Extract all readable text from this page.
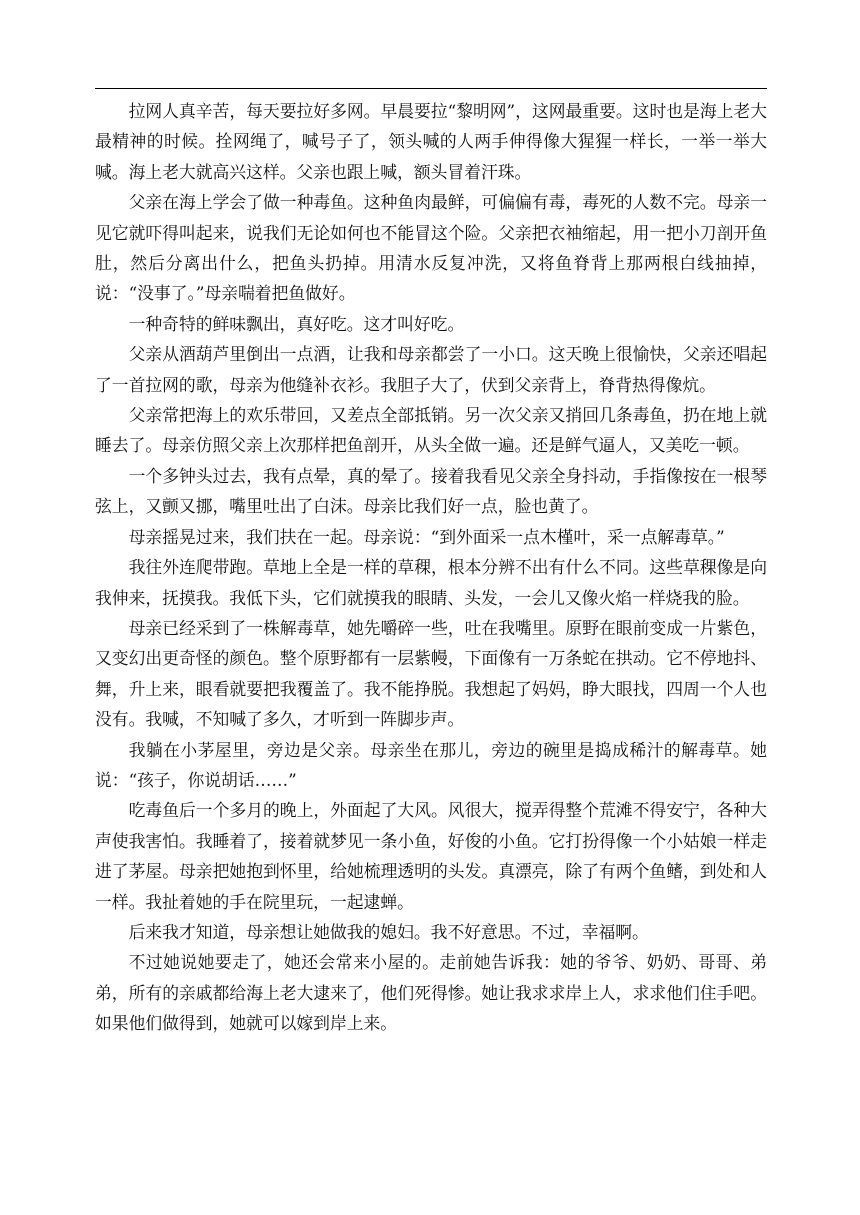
拉网人真辛苦，每天要拉好多网。早晨要拉“黎明网”，这网最重要。这时也是海上老大最精神的时候。拴网绳了，喊号子了，领头喊的人两手伸得像大猩猩一样长，一举一举大喊。海上老大就高兴这样。父亲也跟上喊，额头冒着汗珠。

父亲在海上学会了做一种毒鱼。这种鱼肉最鲜，可偏偏有毒，毒死的人数不完。母亲一见它就吓得叫起来，说我们无论如何也不能冒这个险。父亲把衣袖缩起，用一把小刀剖开鱼肚，然后分离出什么，把鱼头扔掉。用清水反复冲洗，又将鱼脊背上那两根白线抽掉，说：“没事了。”母亲喘着把鱼做好。

一种奇特的鲜味飘出，真好吃。这才叫好吃。

父亲从酒葫芦里倒出一点酒，让我和母亲都尝了一小口。这天晚上很愉快，父亲还唱起了一首拉网的歌，母亲为他缝补衣衫。我胆子大了，伏到父亲背上，脊背热得像炕。

父亲常把海上的欢乐带回，又差点全部抵销。另一次父亲又捎回几条毒鱼，扔在地上就睡去了。母亲仿照父亲上次那样把鱼剖开，从头全做一遍。还是鲜气逼人，又美吃一顿。

一个多钟头过去，我有点晕，真的晕了。接着我看见父亲全身抖动，手指像按在一根琴弦上，又颤又挪，嘴里吐出了白沫。母亲比我们好一点，脸也黄了。

母亲摇晃过来，我们扶在一起。母亲说：“到外面采一点木槿叶，采一点解毒草。”

我往外连爬带跑。草地上全是一样的草稞，根本分辨不出有什么不同。这些草稞像是向我伸来，抚摸我。我低下头，它们就摸我的眼睛、头发，一会儿又像火焰一样烧我的脸。

母亲已经采到了一株解毒草，她先嚼碎一些，吐在我嘴里。原野在眼前变成一片紫色，又变幻出更奇怪的颜色。整个原野都有一层紫幔，下面像有一万条蛇在拱动。它不停地抖、舞，升上来，眼看就要把我覆盖了。我不能挣脱。我想起了妈妈，睁大眼找，四周一个人也没有。我喊，不知喊了多久，才听到一阵脚步声。

我躺在小茅屋里，旁边是父亲。母亲坐在那儿，旁边的碗里是捣成稀汁的解毒草。她说：“孩子，你说胡话……”

吃毒鱼后一个多月的晚上，外面起了大风。风很大，搅弄得整个荒滩不得安宁，各种大声使我害怕。我睡着了，接着就梦见一条小鱼，好俊的小鱼。它打扮得像一个小姑娘一样走进了茅屋。母亲把她抱到怀里，给她梳理透明的头发。真漂亮，除了有两个鱼鳍，到处和人一样。我扯着她的手在院里玩，一起逮蝉。

后来我才知道，母亲想让她做我的媳妇。我不好意思。不过，幸福啊。

不过她说她要走了，她还会常来小屋的。走前她告诉我：她的爷爷、奶奶、哥哥、弟弟，所有的亲戚都给海上老大逮来了，他们死得惨。她让我求求岸上人，求求他们住手吧。如果他们做得到，她就可以嫁到岸上来。
